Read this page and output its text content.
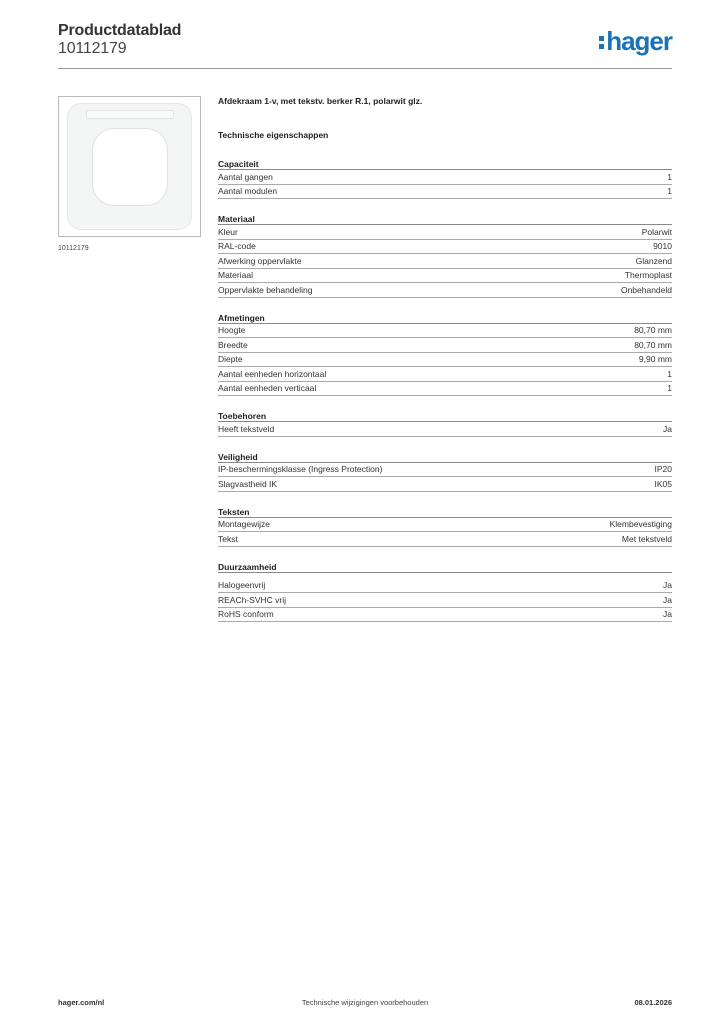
Productdatablad
10112179	hager
10112179
Afdekraam 1-v, met tekstv. berker R.1, polarwit glz.
Technische eigenschappen
Capaciteit
Aantal gangen	1
Aantal modulen	1
Materiaal
Kleur	Polarwit
RAL-code	9010
Afwerking oppervlakte	Glanzend
Materiaal	Thermoplast
Oppervlakte behandeling	Onbehandeld
Afmetingen
Hoogte	80,70 mm
Breedte	80,70 mm
Diepte	9,90 mm
Aantal eenheden horizontaal	1
Aantal eenheden verticaal	1
Toebehoren
Heeft tekstveld	Ja
Veiligheid
IP-beschermingsklasse (Ingress Protection)	IP20
Slagvastheid IK	IK05
Teksten
Montagewijze	Klembevestiging
Tekst	Met tekstveld
Duurzaamheid
Halogeenvrij	Ja
REACh-SVHC vrij	Ja
RoHS conform	Ja
hager.com/nl	Technische wijzigingen voorbehouden	08.01.2026
